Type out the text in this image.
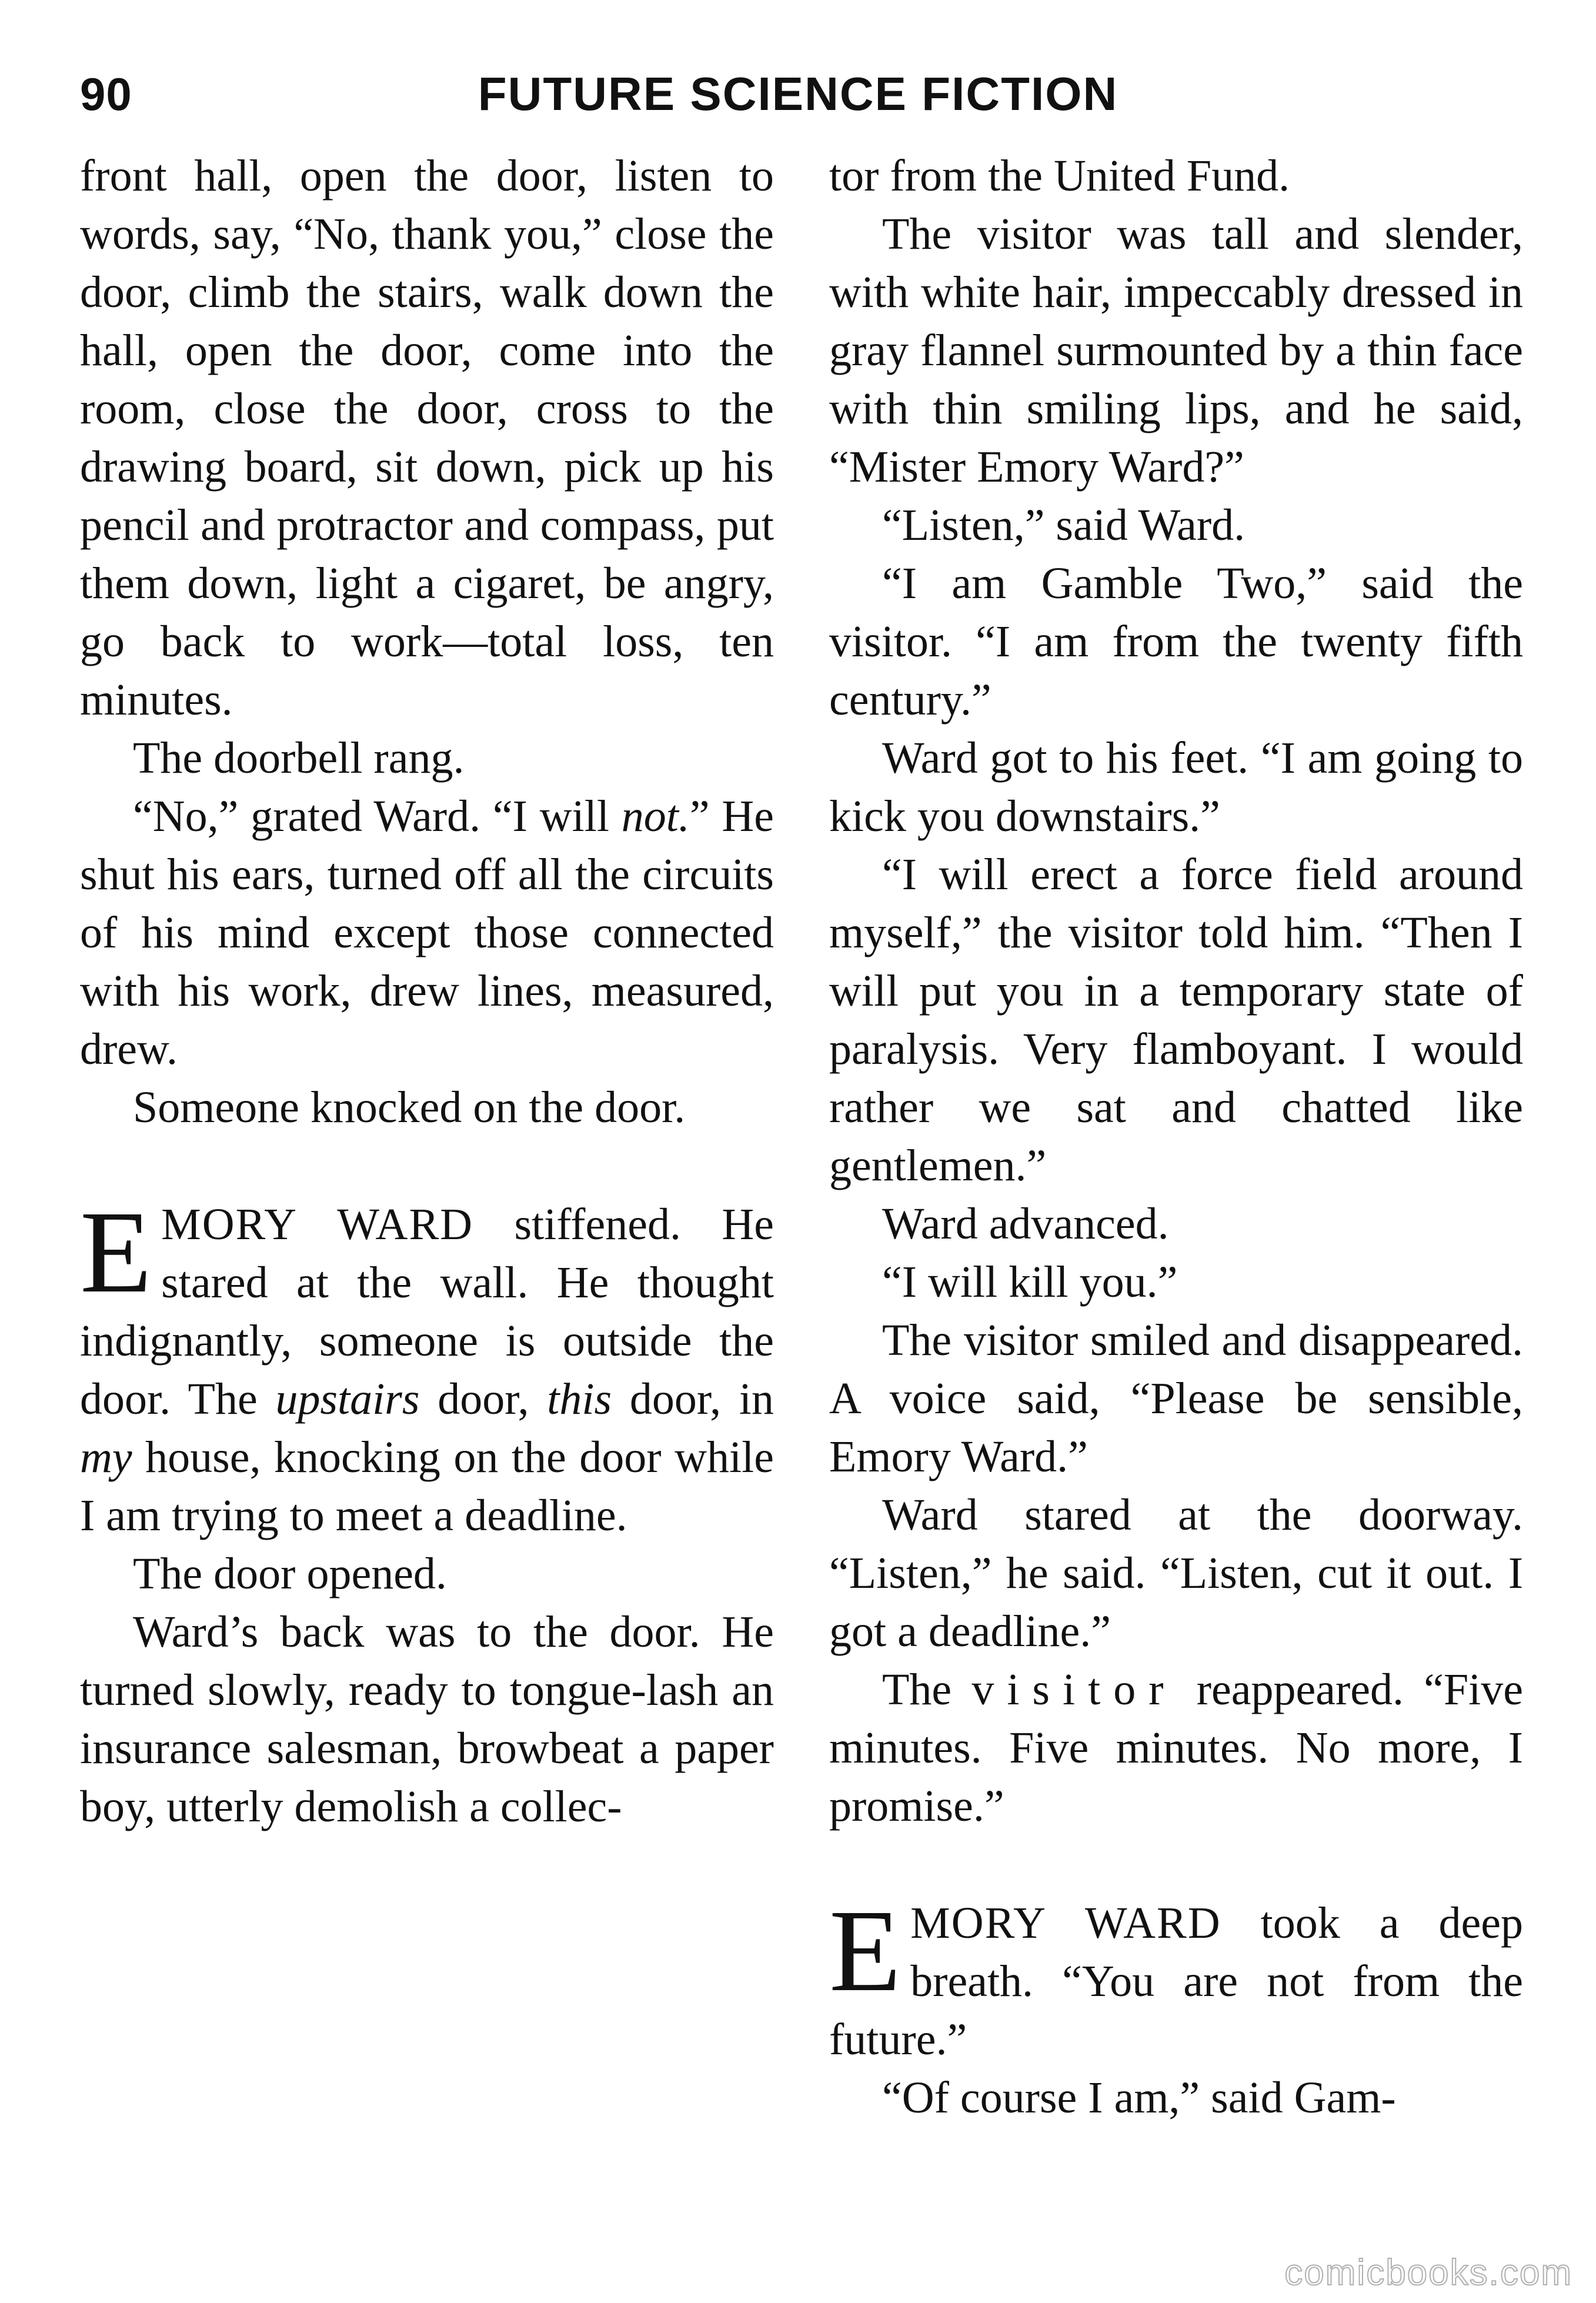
90	FUTURE SCIENCE FICTION

front hall, open the door, listen to words, say, “No, thank you,” close the door, climb the stairs, walk down the hall, open the door, come into the room, close the door, cross to the drawing board, sit down, pick up his pencil and protractor and compass, put them down, light a cigaret, be angry, go back to work—total loss, ten minutes.

The doorbell rang.

“No,” grated Ward. “I will not.” He shut his ears, turned off all the circuits of his mind except those connected with his work, drew lines, measured, drew.

Someone knocked on the door.

EMORY WARD stiffened. He stared at the wall. He thought indignantly, someone is outside the door. The upstairs door, this door, in my house, knocking on the door while I am trying to meet a deadline.

The door opened.

Ward’s back was to the door. He turned slowly, ready to tongue-lash an insurance salesman, browbeat a paper boy, utterly demolish a collec-

tor from the United Fund.

The visitor was tall and slender, with white hair, impeccably dressed in gray flannel surmounted by a thin face with thin smiling lips, and he said, “Mister Emory Ward?”

“Listen,” said Ward.

“I am Gamble Two,” said the visitor. “I am from the twenty fifth century.”

Ward got to his feet. “I am going to kick you downstairs.”

“I will erect a force field around myself,” the visitor told him. “Then I will put you in a temporary state of paralysis. Very flamboyant. I would rather we sat and chatted like gentlemen.”

Ward advanced.

“I will kill you.”

The visitor smiled and disappeared. A voice said, “Please be sensible, Emory Ward.”

Ward stared at the doorway. “Listen,” he said. “Listen, cut it out. I got a deadline.”

The visitor reappeared. “Five minutes. Five minutes. No more, I promise.”

EMORY WARD took a deep breath. “You are not from the future.”

“Of course I am,” said Gam-

comicbooks.com
